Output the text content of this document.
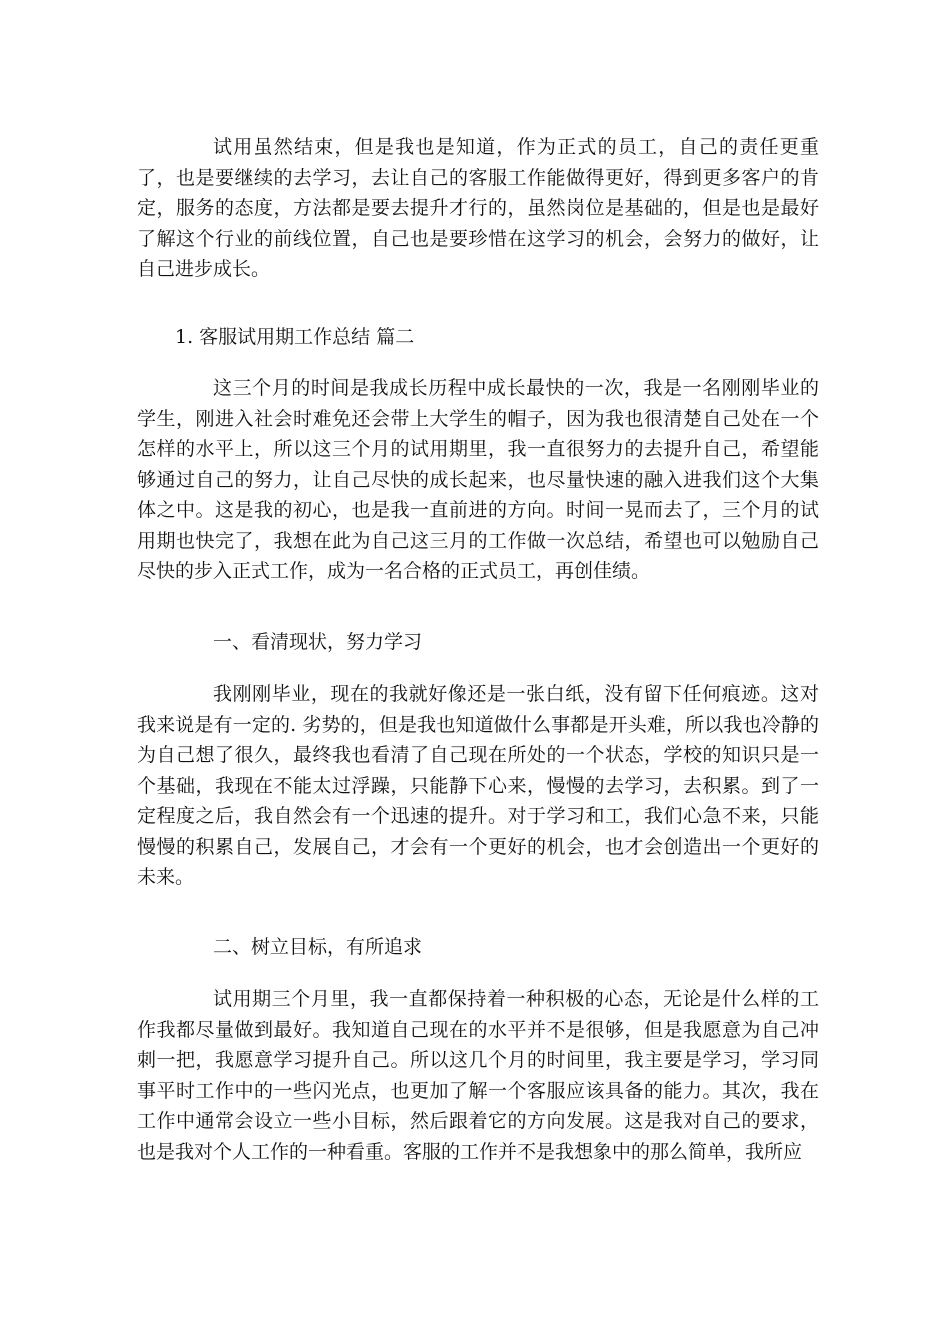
试用虽然结束，但是我也是知道，作为正式的员工，自己的责任更重了，也是要继续的去学习，去让自己的客服工作能做得更好，得到更多客户的肯定，服务的态度，方法都是要去提升才行的，虽然岗位是基础的，但是也是最好了解这个行业的前线位置，自己也是要珍惜在这学习的机会，会努力的做好，让自己进步成长。

1. 客服试用期工作总结 篇二

这三个月的时间是我成长历程中成长最快的一次，我是一名刚刚毕业的学生，刚进入社会时难免还会带上大学生的帽子，因为我也很清楚自己处在一个怎样的水平上，所以这三个月的试用期里，我一直很努力的去提升自己，希望能够通过自己的努力，让自己尽快的成长起来，也尽量快速的融入进我们这个大集体之中。这是我的初心，也是我一直前进的方向。时间一晃而去了，三个月的试用期也快完了，我想在此为自己这三月的工作做一次总结，希望也可以勉励自己尽快的步入正式工作，成为一名合格的正式员工，再创佳绩。

一、看清现状，努力学习

我刚刚毕业，现在的我就好像还是一张白纸，没有留下任何痕迹。这对我来说是有一定的. 劣势的，但是我也知道做什么事都是开头难，所以我也冷静的为自己想了很久，最终我也看清了自己现在所处的一个状态，学校的知识只是一个基础，我现在不能太过浮躁，只能静下心来，慢慢的去学习，去积累。到了一定程度之后，我自然会有一个迅速的提升。对于学习和工，我们心急不来，只能慢慢的积累自己，发展自己，才会有一个更好的机会，也才会创造出一个更好的未来。

二、树立目标，有所追求

试用期三个月里，我一直都保持着一种积极的心态，无论是什么样的工作我都尽量做到最好。我知道自己现在的水平并不是很够，但是我愿意为自己冲刺一把，我愿意学习提升自己。所以这几个月的时间里，我主要是学习，学习同事平时工作中的一些闪光点，也更加了解一个客服应该具备的能力。其次，我在工作中通常会设立一些小目标，然后跟着它的方向发展。这是我对自己的要求，也是我对个人工作的一种看重。客服的工作并不是我想象中的那么简单，我所应
